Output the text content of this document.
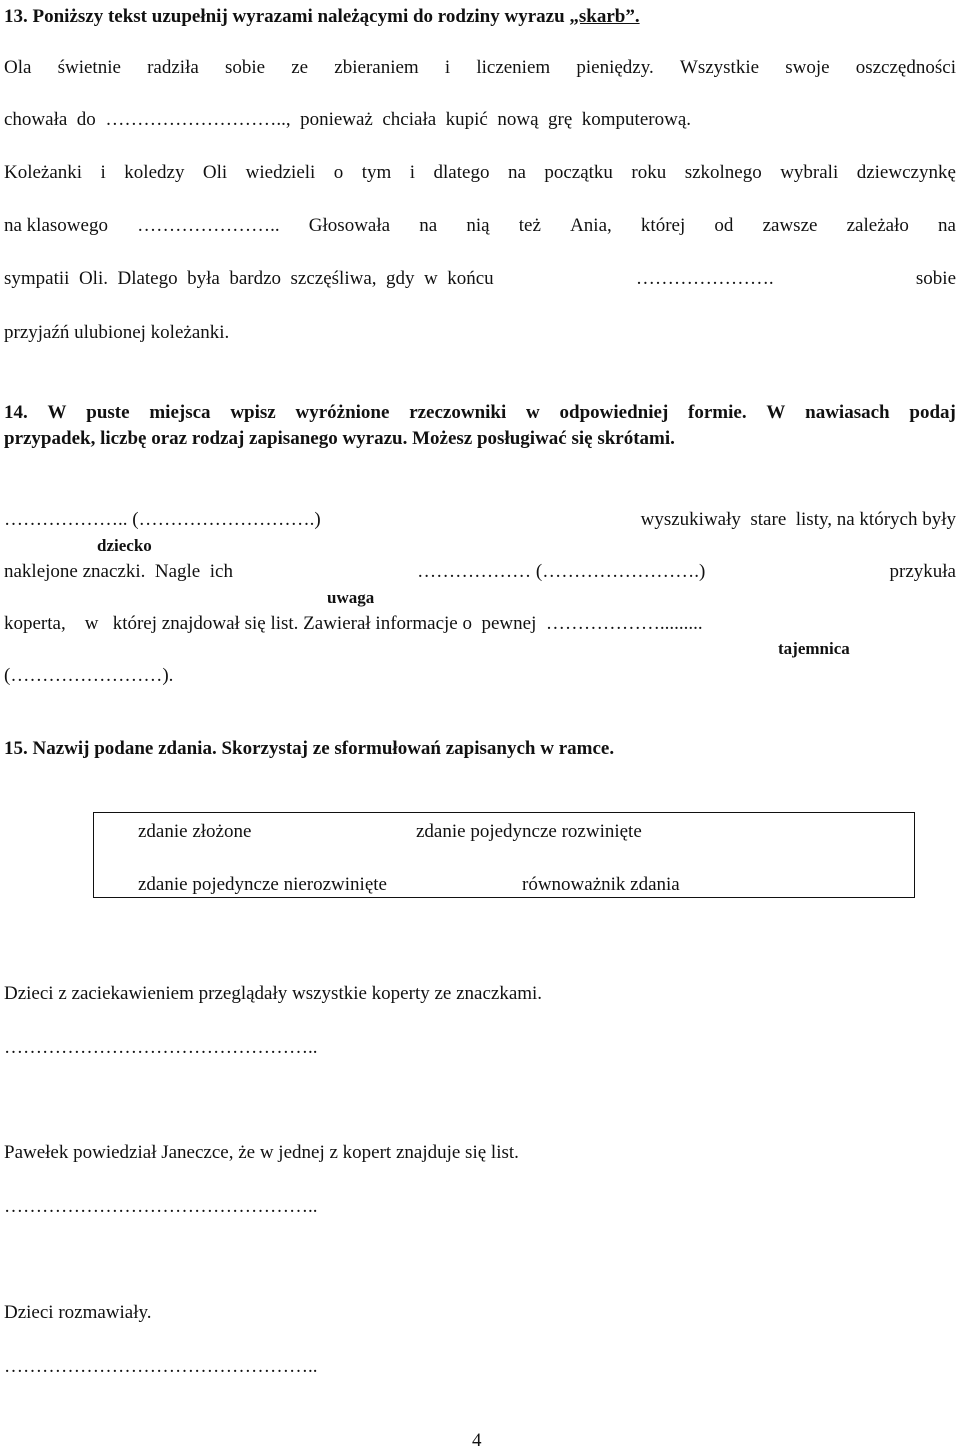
13. Poniższy tekst uzupełnij wyrazami należącymi do rodziny wyrazu „skarb”.
Ola świetnie radziła sobie ze zbieraniem i liczeniem pieniędzy. Wszystkie swoje oszczędności
chowała  do ……………………….., ponieważ  chciała  kupić  nową  grę  komputerową.
Koleżanki i koledzy Oli wiedzieli o tym i dlatego na początku roku szkolnego wybrali dziewczynkę
na klasowego ………………….. Głosowała na nią też Ania, której od zawsze zależało na
sympatii  Oli.  Dlatego  była  bardzo  szczęśliwa,  gdy  w  końcu	………………….	sobie
przyjaźń ulubionej koleżanki.
14. W puste miejsca wpisz wyróżnione rzeczowniki w odpowiedniej formie. W nawiasach podaj
przypadek, liczbę oraz rodzaj zapisanego wyrazu. Możesz posługiwać się skrótami.
……………….. (……………………….)	wyszukiwały  stare  listy, na których były
dziecko
naklejone znaczki.  Nagle  ich	……………… (…………………….)	przykuła
uwaga
koperta,    w   której znajdował się list. Zawierał informacje o  pewnej ……………….........
tajemnica
(……………………).
15. Nazwij podane zdania. Skorzystaj ze sformułowań zapisanych w ramce.
zdanie złożone	zdanie pojedyncze rozwinięte
zdanie pojedyncze nierozwinięte	równoważnik zdania
Dzieci z zaciekawieniem przeglądały wszystkie koperty ze znaczkami.
…………………………………………..
Pawełek powiedział Janeczce, że w jednej z kopert znajduje się list.
…………………………………………..
Dzieci rozmawiały.
…………………………………………..
4
